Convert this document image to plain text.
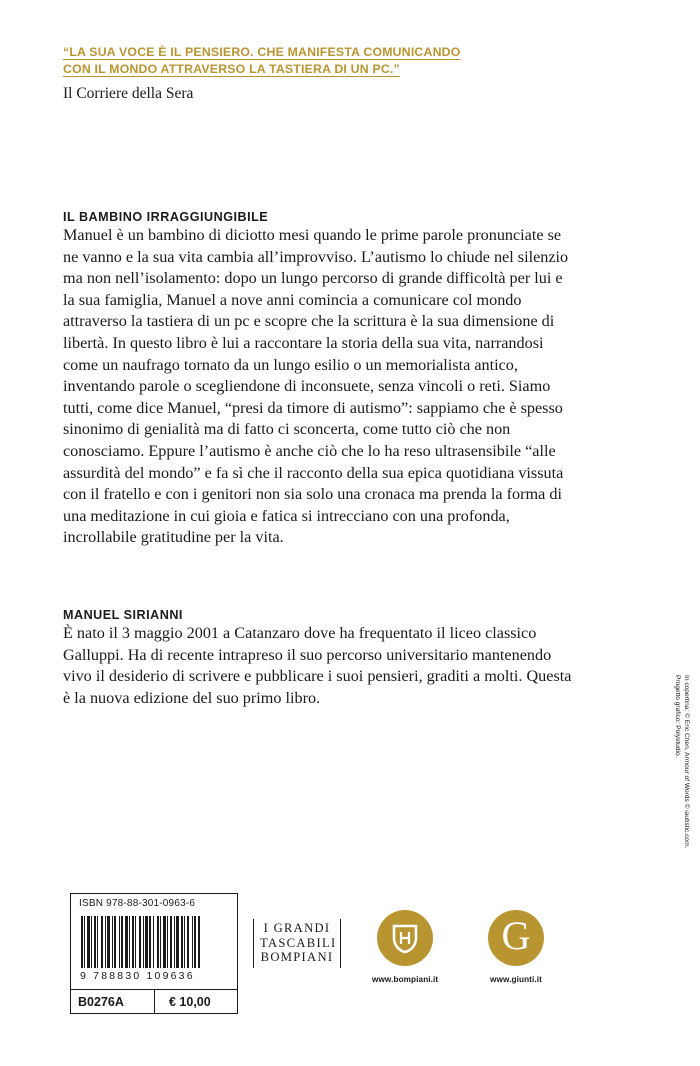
“LA SUA VOCE È IL PENSIERO. CHE MANIFESTA COMUNICANDO
CON IL MONDO ATTRAVERSO LA TASTIERA DI UN PC.”
Il Corriere della Sera
IL BAMBINO IRRAGGIUNGIBILE

Manuel è un bambino di diciotto mesi quando le prime parole pronunciate se ne vanno e la sua vita cambia all’improvviso. L’autismo lo chiude nel silenzio ma non nell’isolamento: dopo un lungo percorso di grande difficoltà per lui e la sua famiglia, Manuel a nove anni comincia a comunicare col mondo attraverso la tastiera di un pc e scopre che la scrittura è la sua dimensione di libertà. In questo libro è lui a raccontare la storia della sua vita, narrandosi come un naufrago tornato da un lungo esilio o un memorialista antico, inventando parole o scegliendone di inconsuete, senza vincoli o reti. Siamo tutti, come dice Manuel, “presi da timore di autismo”: sappiamo che è spesso sinonimo di genialità ma di fatto ci sconcerta, come tutto ciò che non conosciamo. Eppure l’autismo è anche ciò che lo ha reso ultrasensibile “alle assurdità del mondo” e fa sì che il racconto della sua epica quotidiana vissuta con il fratello e con i genitori non sia solo una cronaca ma prenda la forma di una meditazione in cui gioia e fatica si intrecciano con una profonda, incrollabile gratitudine per la vita.

MANUEL SIRIANNI

È nato il 3 maggio 2001 a Catanzaro dove ha frequentato il liceo classico Galluppi. Ha di recente intrapreso il suo percorso universitario mantenendo vivo il desiderio di scrivere e pubblicare i suoi pensieri, graditi a molti. Questa è la nuova edizione del suo primo libro.

ISBN 978-88-301-0963-6
9 788830 109636
B0276A	€ 10,00
I GRANDI
TASCABILI
BOMPIANI
www.bompiani.it
G
www.giunti.it
In copertina: © Eric Chen, Armour of Words © iautistic.com.
Progetto grafico: Polystudio.
